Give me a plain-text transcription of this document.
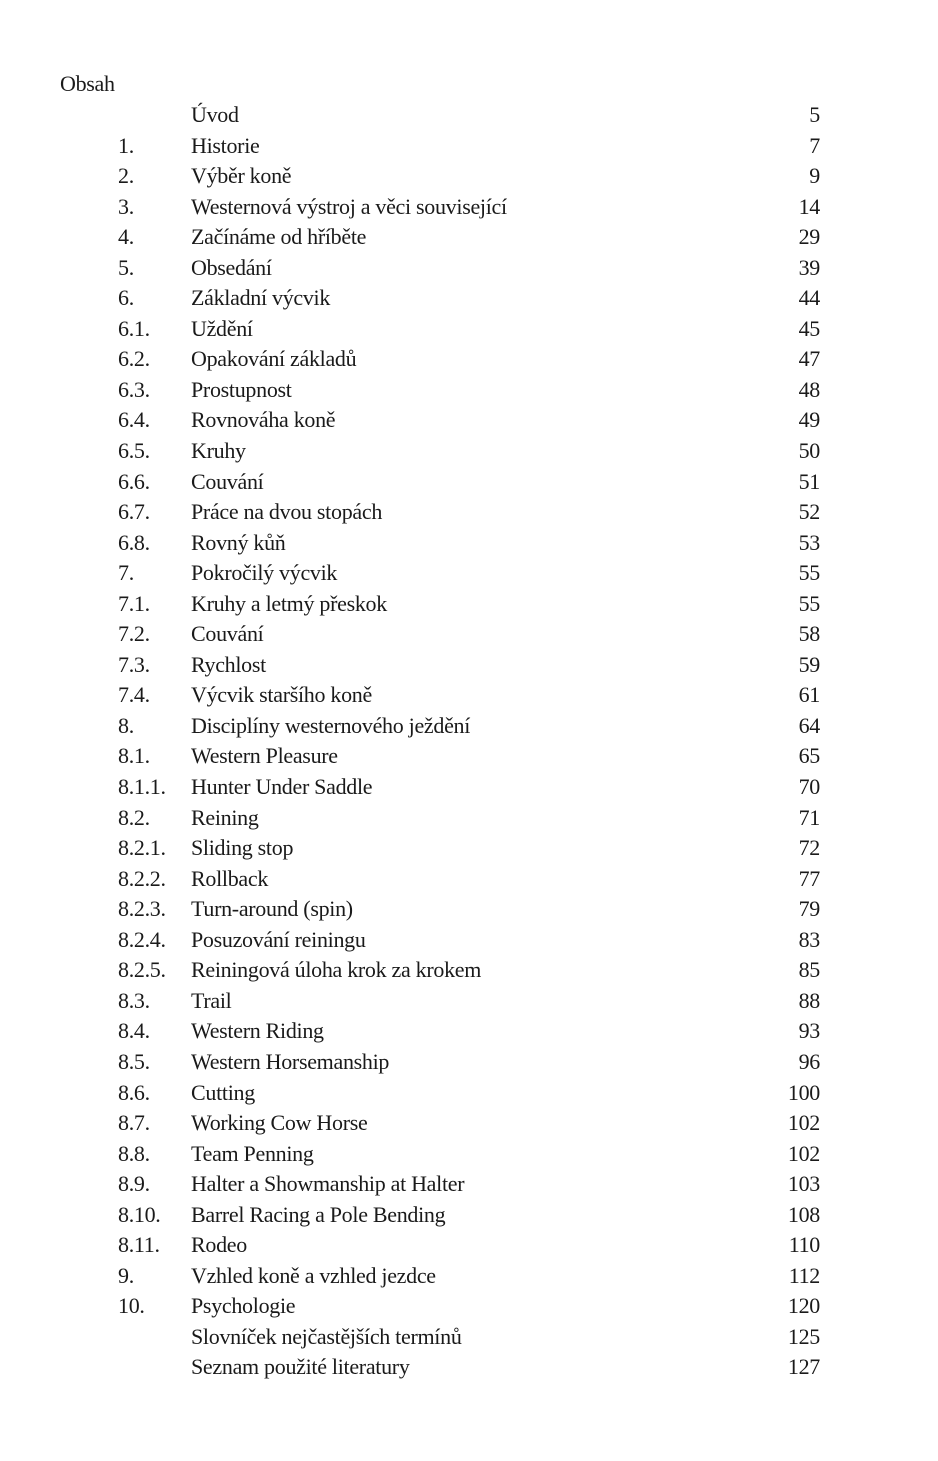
Obsah
Úvod	5
1.	Historie	7
2.	Výběr koně	9
3.	Westernová výstroj a věci související	14
4.	Začínáme od hříběte	29
5.	Obsedání	39
6.	Základní výcvik	44
6.1. Uždění	45
6.2. Opakování základů	47
6.3. Prostupnost	48
6.4. Rovnováha koně	49
6.5. Kruhy	50
6.6. Couvání	51
6.7. Práce na dvou stopách	52
6.8. Rovný kůň	53
7.	Pokročilý výcvik	55
7.1. Kruhy a letmý přeskok	55
7.2. Couvání	58
7.3. Rychlost	59
7.4. Výcvik staršího koně	61
8.	Disciplíny westernového ježdění	64
8.1. Western Pleasure	65
8.1.1. Hunter Under Saddle	70
8.2. Reining	71
8.2.1. Sliding stop	72
8.2.2. Rollback	77
8.2.3. Turn-around (spin)	79
8.2.4. Posuzování reiningu	83
8.2.5. Reiningová úloha krok za krokem	85
8.3. Trail	88
8.4. Western Riding	93
8.5. Western Horsemanship	96
8.6. Cutting	100
8.7. Working Cow Horse	102
8.8. Team Penning	102
8.9. Halter a Showmanship at Halter	103
8.10. Barrel Racing a Pole Bending	108
8.11. Rodeo	110
9.	Vzhled koně a vzhled jezdce	112
10. Psychologie	120
Slovníček nejčastějších termínů	125
Seznam použité literatury	127
